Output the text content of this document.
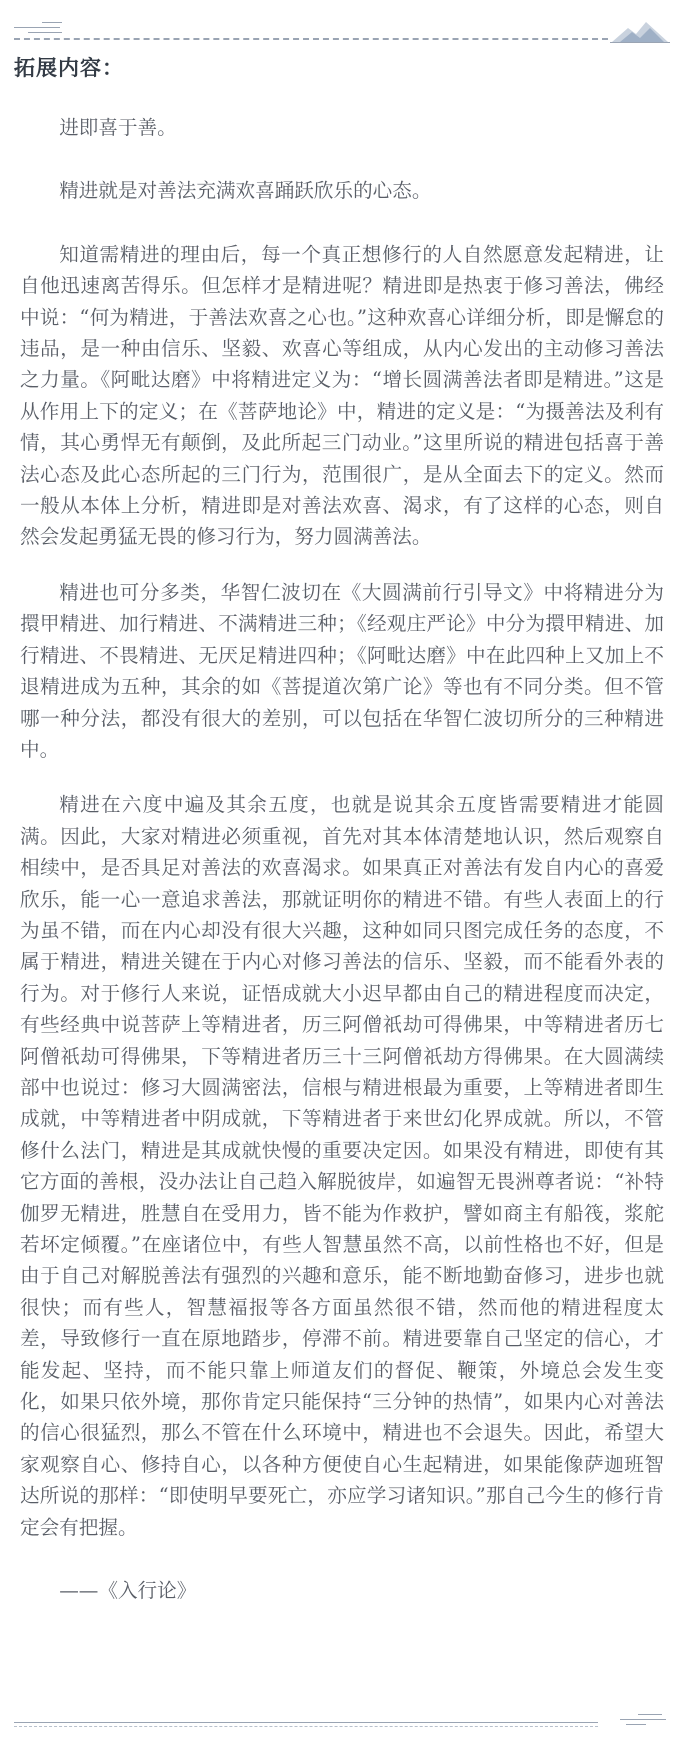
拓展内容：

进即喜于善。

精进就是对善法充满欢喜踊跃欣乐的心态。

知道需精进的理由后，每一个真正想修行的人自然愿意发起精进，让自他迅速离苦得乐。但怎样才是精进呢？精进即是热衷于修习善法，佛经中说：“何为精进，于善法欢喜之心也。”这种欢喜心详细分析，即是懈怠的违品，是一种由信乐、坚毅、欢喜心等组成，从内心发出的主动修习善法之力量。《阿毗达磨》中将精进定义为：“增长圆满善法者即是精进。”这是从作用上下的定义；在《菩萨地论》中，精进的定义是：“为摄善法及利有情，其心勇悍无有颠倒，及此所起三门动业。”这里所说的精进包括喜于善法心态及此心态所起的三门行为，范围很广，是从全面去下的定义。然而一般从本体上分析，精进即是对善法欢喜、渴求，有了这样的心态，则自然会发起勇猛无畏的修习行为，努力圆满善法。

精进也可分多类，华智仁波切在《大圆满前行引导文》中将精进分为擐甲精进、加行精进、不满精进三种；《经观庄严论》中分为擐甲精进、加行精进、不畏精进、无厌足精进四种；《阿毗达磨》中在此四种上又加上不退精进成为五种，其余的如《菩提道次第广论》等也有不同分类。但不管哪一种分法，都没有很大的差别，可以包括在华智仁波切所分的三种精进中。

精进在六度中遍及其余五度，也就是说其余五度皆需要精进才能圆满。因此，大家对精进必须重视，首先对其本体清楚地认识，然后观察自相续中，是否具足对善法的欢喜渴求。如果真正对善法有发自内心的喜爱欣乐，能一心一意追求善法，那就证明你的精进不错。有些人表面上的行为虽不错，而在内心却没有很大兴趣，这种如同只图完成任务的态度，不属于精进，精进关键在于内心对修习善法的信乐、坚毅，而不能看外表的行为。对于修行人来说，证悟成就大小迟早都由自己的精进程度而决定，有些经典中说菩萨上等精进者，历三阿僧祇劫可得佛果，中等精进者历七阿僧祇劫可得佛果，下等精进者历三十三阿僧祇劫方得佛果。在大圆满续部中也说过：修习大圆满密法，信根与精进根最为重要，上等精进者即生成就，中等精进者中阴成就，下等精进者于来世幻化界成就。所以，不管修什么法门，精进是其成就快慢的重要决定因。如果没有精进，即使有其它方面的善根，没办法让自己趋入解脱彼岸，如遍智无畏洲尊者说：“补特伽罗无精进，胜慧自在受用力，皆不能为作救护，譬如商主有船筏，浆舵若坏定倾覆。”在座诸位中，有些人智慧虽然不高，以前性格也不好，但是由于自己对解脱善法有强烈的兴趣和意乐，能不断地勤奋修习，进步也就很快；而有些人，智慧福报等各方面虽然很不错，然而他的精进程度太差，导致修行一直在原地踏步，停滞不前。精进要靠自己坚定的信心，才能发起、坚持，而不能只靠上师道友们的督促、鞭策，外境总会发生变化，如果只依外境，那你肯定只能保持“三分钟的热情”，如果内心对善法的信心很猛烈，那么不管在什么环境中，精进也不会退失。因此，希望大家观察自心、修持自心，以各种方便使自心生起精进，如果能像萨迦班智达所说的那样：“即使明早要死亡，亦应学习诸知识。”那自己今生的修行肯定会有把握。

——《入行论》
